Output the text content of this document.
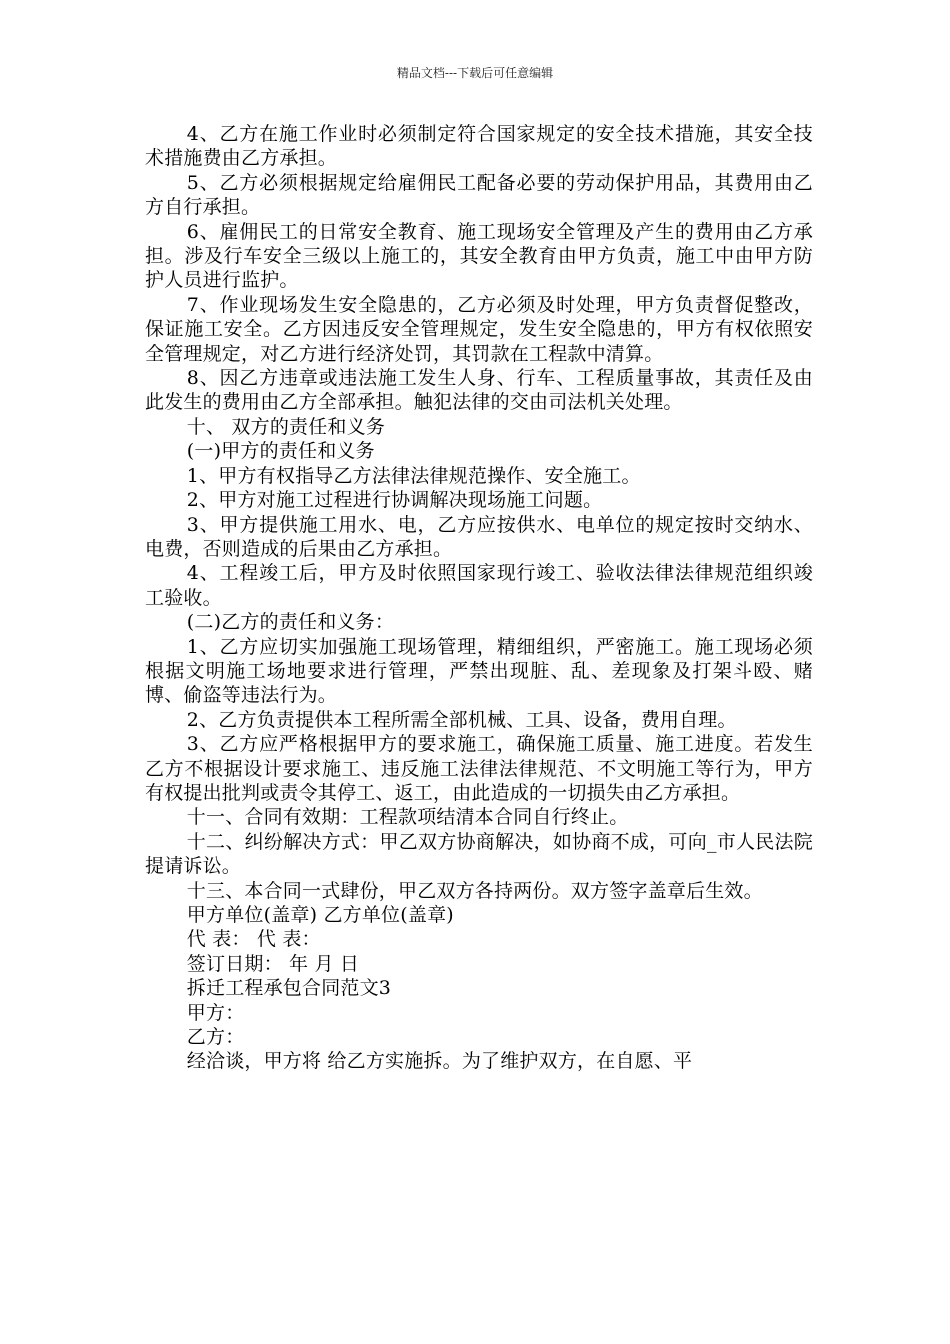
精品文档---下载后可任意编辑

4、乙方在施工作业时必须制定符合国家规定的安全技术措施，其安全技术措施费由乙方承担。

5、乙方必须根据规定给雇佣民工配备必要的劳动保护用品，其费用由乙方自行承担。

6、雇佣民工的日常安全教育、施工现场安全管理及产生的费用由乙方承担。涉及行车安全三级以上施工的，其安全教育由甲方负责，施工中由甲方防护人员进行监护。

7、作业现场发生安全隐患的，乙方必须及时处理，甲方负责督促整改，保证施工安全。乙方因违反安全管理规定，发生安全隐患的，甲方有权依照安全管理规定，对乙方进行经济处罚，其罚款在工程款中清算。

8、因乙方违章或违法施工发生人身、行车、工程质量事故，其责任及由此发生的费用由乙方全部承担。触犯法律的交由司法机关处理。

十、 双方的责任和义务

(一)甲方的责任和义务

1、甲方有权指导乙方法律法律规范操作、安全施工。

2、甲方对施工过程进行协调解决现场施工问题。

3、甲方提供施工用水、电，乙方应按供水、电单位的规定按时交纳水、电费，否则造成的后果由乙方承担。

4、工程竣工后，甲方及时依照国家现行竣工、验收法律法律规范组织竣工验收。

(二)乙方的责任和义务：

1、乙方应切实加强施工现场管理，精细组织，严密施工。施工现场必须根据文明施工场地要求进行管理，严禁出现脏、乱、差现象及打架斗殴、赌博、偷盗等违法行为。

2、乙方负责提供本工程所需全部机械、工具、设备，费用自理。

3、乙方应严格根据甲方的要求施工，确保施工质量、施工进度。若发生乙方不根据设计要求施工、违反施工法律法律规范、不文明施工等行为，甲方有权提出批判或责令其停工、返工，由此造成的一切损失由乙方承担。

十一、合同有效期：工程款项结清本合同自行终止。

十二、纠纷解决方式：甲乙双方协商解决，如协商不成，可向_市人民法院提请诉讼。

十三、本合同一式肆份，甲乙双方各持两份。双方签字盖章后生效。

甲方单位(盖章) 乙方单位(盖章)

代 表： 代 表：

签订日期： 年 月 日

拆迁工程承包合同范文3

甲方：

乙方：

经洽谈，甲方将 给乙方实施拆。为了维护双方，在自愿、平
